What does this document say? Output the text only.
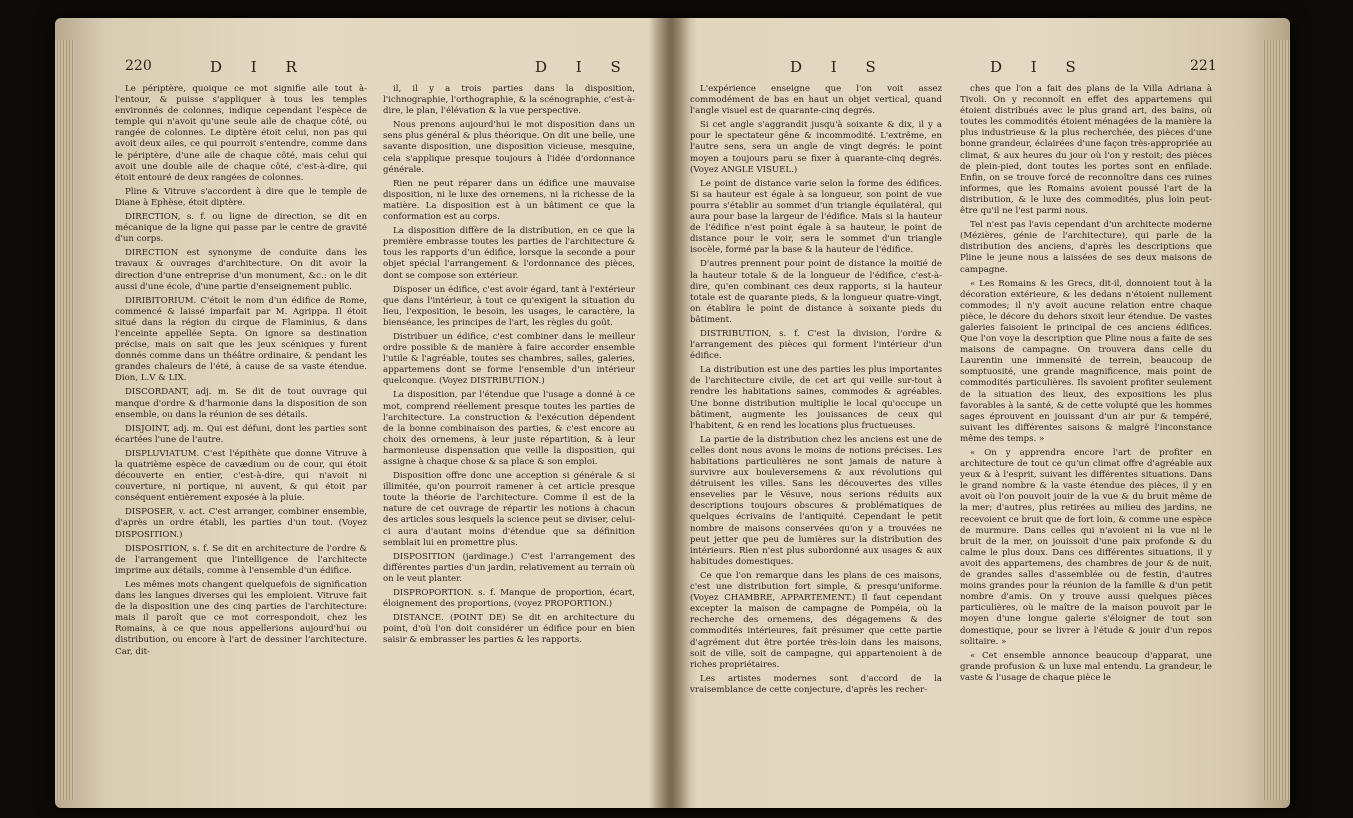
220	D I R	D I S

Le périptère, quoique ce mot signifie aile tout à-l'entour, & puisse s'appliquer à tous les temples environnés de colonnes, indique cependant l'espèce de temple qui n'avoit qu'une seule aile de chaque côté, ou rangée de colonnes. Le diptère étoit celui, non pas qui avoit deux ailes, ce qui pourroit s'entendre, comme dans le périptère, d'une aile de chaque côté, mais celui qui avoit une double aile de chaque côté, c'est-à-dire, qui étoit entouré de deux rangées de colonnes.

Pline & Vitruve s'accordent à dire que le temple de Diane à Ephèse, étoit diptère.

DIRECTION, s. f. ou ligne de direction, se dit en mécanique de la ligne qui passe par le centre de gravité d'un corps.

DIRECTION est synonyme de conduite dans les travaux & ouvrages d'architecture. On dit avoir la direction d'une entreprise d'un monument, &c.: on le dit aussi d'une école, d'une partie d'enseignement public.

DIRIBITORIUM. C'étoit le nom d'un édifice de Rome, commencé & laissé imparfait par M. Agrippa. Il étoit situé dans la région du cirque de Flaminius, & dans l'enceinte appellée Septa. On ignore sa destination précise, mais on sait que les jeux scéniques y furent donnés comme dans un théâtre ordinaire, & pendant les grandes chaleurs de l'été, à cause de sa vaste étendue. Dion, L.V & LIX.

DISCORDANT, adj. m. Se dit de tout ouvrage qui manque d'ordre & d'harmonie dans la disposition de son ensemble, ou dans la réunion de ses détails.

DISJOINT, adj. m. Qui est défuni, dont les parties sont écartées l'une de l'autre.

DISPLUVIATUM. C'est l'épithète que donne Vitruve à la quatrième espèce de cavædium ou de cour, qui étoit découverte en entier, c'est-à-dire, qui n'avoit ni couverture, ni portique, ni auvent, & qui étoit par conséquent entièrement exposée à la pluie.

DISPOSER, v. act. C'est arranger, combiner ensemble, d'après un ordre établi, les parties d'un tout. (Voyez DISPOSITION.)

DISPOSITION, s. f. Se dit en architecture de l'ordre & de l'arrangement que l'intelligence de l'architecte imprime aux détails, comme à l'ensemble d'un édifice.

Les mêmes mots changent quelquefois de signification dans les langues diverses qui les emploient. Vitruve fait de la disposition une des cinq parties de l'architecture: mais il paroît que ce mot correspondoit, chez les Romains, à ce que nous appellerions aujourd'hui ou distribution, ou encore à l'art de dessiner l'architecture. Car, dit-

il, il y a trois parties dans la disposition, l'ichnographie, l'orthographie, & la scénographie, c'est-à-dire, le plan, l'élévation & la vue perspective.

Nous prenons aujourd'hui le mot disposition dans un sens plus général & plus théorique. On dit une belle, une savante disposition, une disposition vicieuse, mesquine, cela s'applique presque toujours à l'idée d'ordonnance générale.

Rien ne peut réparer dans un édifice une mauvaise disposition, ni le luxe des ornemens, ni la richesse de la matière. La disposition est à un bâtiment ce que la conformation est au corps.

La disposition diffère de la distribution, en ce que la première embrasse toutes les parties de l'architecture & tous les rapports d'un édifice, lorsque la seconde a pour objet spécial l'arrangement & l'ordonnance des pièces, dont se compose son extérieur.

Disposer un édifice, c'est avoir égard, tant à l'extérieur que dans l'intérieur, à tout ce qu'exigent la situation du lieu, l'exposition, le besoin, les usages, le caractère, la bienséance, les principes de l'art, les règles du goût.

Distribuer un édifice, c'est combiner dans le meilleur ordre possible & de manière à faire accorder ensemble l'utile & l'agréable, toutes ses chambres, salles, galeries, appartemens dont se forme l'ensemble d'un intérieur quelconque. (Voyez DISTRIBUTION.)

La disposition, par l'étendue que l'usage a donné à ce mot, comprend réellement presque toutes les parties de l'architecture. La construction & l'exécution dépendent de la bonne combinaison des parties, & c'est encore au choix des ornemens, à leur juste répartition, & à leur harmonieuse dispensation que veille la disposition, qui assigne à chaque chose & sa place & son emploi.

Disposition offre donc une acception si générale & si illimitée, qu'on pourroit ramener à cet article presque toute la théorie de l'architecture. Comme il est de la nature de cet ouvrage de répartir les notions à chacun des articles sous lesquels la science peut se diviser, celui-ci aura d'autant moins d'étendue que sa définition semblait lui en promettre plus.

DISPOSITION (jardinage.) C'est l'arrangement des différentes parties d'un jardin, relativement au terrain où on le veut planter.

DISPROPORTION. s. f. Manque de proportion, écart, éloignement des proportions, (voyez PROPORTION.)

DISTANCE. (POINT DE) Se dit en architecture du point, d'où l'on doit considérer un édifice pour en bien saisir & embrasser les parties & les rapports.

D I S	D I S	221

L'expérience enseigne que l'on voit assez commodément de bas en haut un objet vertical, quand l'angle visuel est de quarante-cinq degrés.

Si cet angle s'aggrandit jusqu'à soixante & dix, il y a pour le spectateur gêne & incommodité. L'extrême, en l'autre sens, sera un angle de vingt degrés: le point moyen a toujours paru se fixer à quarante-cinq degrés. (Voyez ANGLE VISUEL.)

Le point de distance varie selon la forme des édifices. Si sa hauteur est égale à sa longueur, son point de vue pourra s'établir au sommet d'un triangle équilatéral, qui aura pour base la largeur de l'édifice. Mais si la hauteur de l'édifice n'est point égale à sa hauteur, le point de distance pour le voir, sera le sommet d'un triangle isocèle, formé par la base & la hauteur de l'édifice.

D'autres prennent pour point de distance la moitié de la hauteur totale & de la longueur de l'édifice, c'est-à-dire, qu'en combinant ces deux rapports, si la hauteur totale est de quarante pieds, & la longueur quatre-vingt, on établira le point de distance à soixante pieds du bâtiment.

DISTRIBUTION, s. f. C'est la division, l'ordre & l'arrangement des pièces qui forment l'intérieur d'un édifice.

La distribution est une des parties les plus importantes de l'architecture civile, de cet art qui veille sur-tout à rendre les habitations saines, commodes & agréables. Une bonne distribution multiplie le local qu'occupe un bâtiment, augmente les jouissances de ceux qui l'habitent, & en rend les locations plus fructueuses.

La partie de la distribution chez les anciens est une de celles dont nous avons le moins de notions précises. Les habitations particulières ne sont jamais de nature à survivre aux bouleversemens & aux révolutions qui détruisent les villes. Sans les découvertes des villes ensevelies par le Vésuve, nous serions réduits aux descriptions toujours obscures & problématiques de quelques écrivains de l'antiquité. Cependant le petit nombre de maisons conservées qu'on y a trouvées ne peut jetter que peu de lumières sur la distribution des intérieurs. Rien n'est plus subordonné aux usages & aux habitudes domestiques.

Ce que l'on remarque dans les plans de ces maisons, c'est une distribution fort simple, & presqu'uniforme. (Voyez CHAMBRE, APPARTEMENT.) Il faut cependant excepter la maison de campagne de Pompéia, où la recherche des ornemens, des dégagemens & des commodités intérieures, fait présumer que cette partie d'agrément dut être portée très-loin dans les maisons, soit de ville, soit de campagne, qui appartenoient à de riches propriétaires.

Les artistes modernes sont d'accord de la vraisemblance de cette conjecture, d'après les recher-

ches que l'on a fait des plans de la Villa Adriana à Tivoli. On y reconnoît en effet des appartemens qui étoient distribués avec le plus grand art, des bains, où toutes les commodités étoient ménagées de la manière la plus industrieuse & la plus recherchée, des pièces d'une bonne grandeur, éclairées d'une façon très-appropriée au climat, & aux heures du jour où l'on y restoit; des pièces de plein-pied, dont toutes les portes sont en enfilade. Enfin, on se trouve forcé de reconnoître dans ces ruines informes, que les Romains avoient poussé l'art de la distribution, & le luxe des commodités, plus loin peut-être qu'il ne l'est parmi nous.

Tel n'est pas l'avis cependant d'un architecte moderne (Mézières, génie de l'architecture), qui parle de la distribution des anciens, d'après les descriptions que Pline le jeune nous a laissées de ses deux maisons de campagne.

« Les Romains & les Grecs, dit-il, donnoient tout à la décoration extérieure, & les dedans n'étoient nullement commodes; il n'y avoit aucune relation entre chaque pièce, le décore du dehors sixoit leur étendue. De vastes galeries faisoient le principal de ces anciens édifices. Que l'on voye la description que Pline nous a faite de ses maisons de campagne. On trouvera dans celle du Laurentin une immensité de terrein, beaucoup de somptuosité, une grande magnificence, mais point de commodités particulières. Ils savoient profiter seulement de la situation des lieux, des expositions les plus favorables à la santé, & de cette volupté que les hommes sages éprouvent en jouissant d'un air pur & tempéré, suivant les différentes saisons & malgré l'inconstance même des temps. »

« On y apprendra encore l'art de profiter en architecture de tout ce qu'un climat offre d'agréable aux yeux & à l'esprit, suivant les différentes situations. Dans le grand nombre & la vaste étendue des pièces, il y en avoit où l'on pouvoit jouir de la vue & du bruit même de la mer; d'autres, plus retirées au milieu des jardins, ne recevoient ce bruit que de fort loin, & comme une espèce de murmure. Dans celles qui n'avoient ni la vue ni le bruit de la mer, on jouissoit d'une paix profonde & du calme le plus doux. Dans ces différentes situations, il y avoit des appartemens, des chambres de jour & de nuit, de grandes salles d'assemblée ou de festin, d'autres moins grandes pour la réunion de la famille & d'un petit nombre d'amis. On y trouve aussi quelques pièces particulières, où le maître de la maison pouvoit par le moyen d'une longue galerie s'éloigner de tout son domestique, pour se livrer à l'étude & jouir d'un repos solitaire. »

« Cet ensemble annonce beaucoup d'apparat, une grande profusion & un luxe mal entendu. La grandeur, le vaste & l'usage de chaque pièce le
